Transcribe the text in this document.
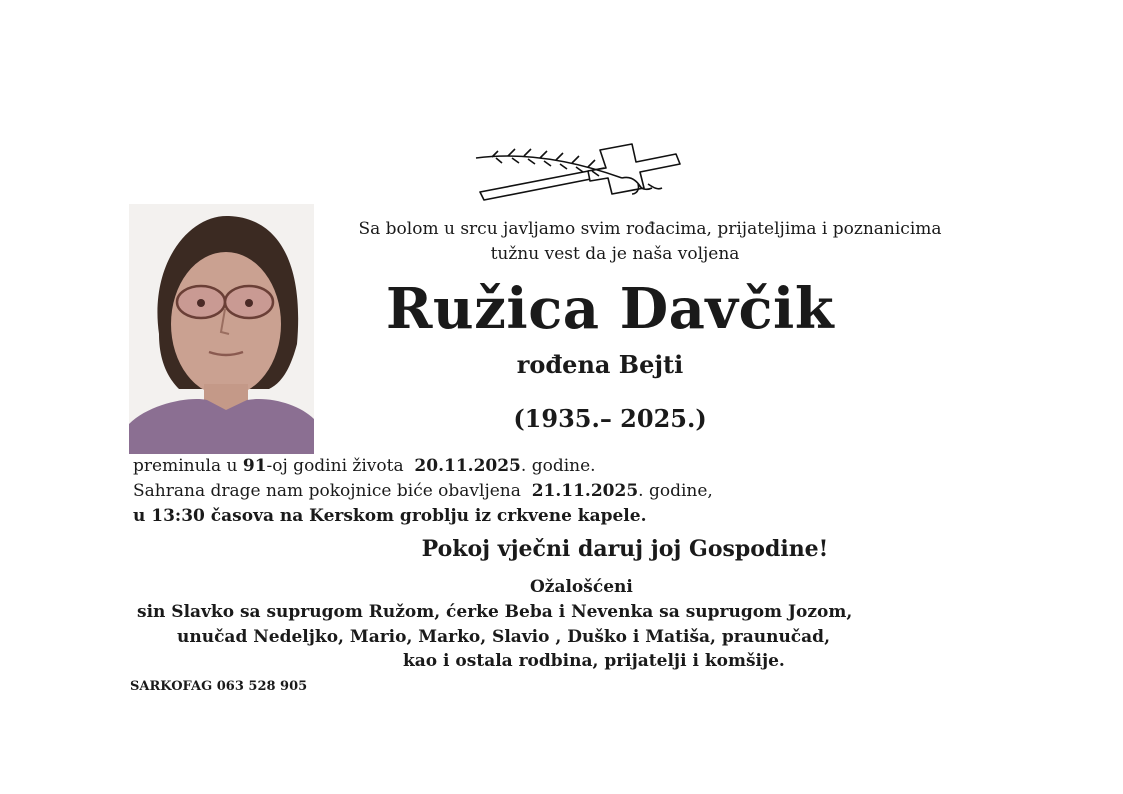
Sa bolom u srcu javljamo svim rođacima, prijateljima i poznanicima
tužnu vest da je naša voljena
Ružica Davčik
rođena Bejti
(1935.– 2025.)
preminula u 91-oj godini života  20.11.2025. godine.
Sahrana drage nam pokojnice biće obavljena  21.11.2025. godine,
u 13:30 časova na Kerskom groblju iz crkvene kapele.
Pokoj vječni daruj joj Gospodine!
Ožalošćeni
sin Slavko sa suprugom Ružom, ćerke Beba i Nevenka sa suprugom Jozom,
unučad Nedeljko, Mario, Marko, Slavio , Duško i Matiša, praunučad,
kao i ostala rodbina, prijatelji i komšije.
SARKOFAG 063 528 905
